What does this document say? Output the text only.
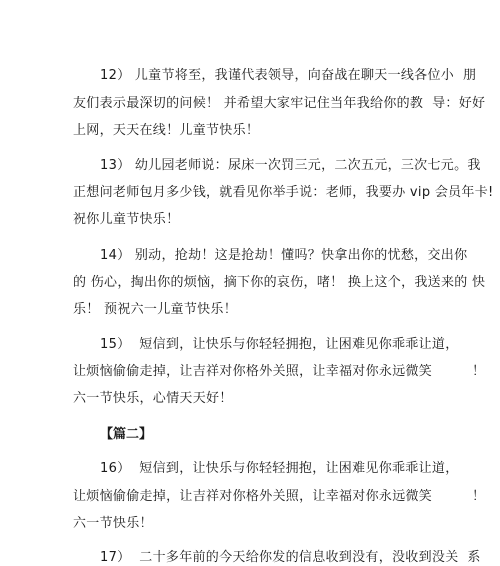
12） 儿童节将至，我谨代表领导，向奋战在聊天一线各位小  朋
友们表示最深切的问候！ 并希望大家牢记住当年我给你的教  导：好好
上网，天天在线！儿童节快乐！
13） 幼儿园老师说：尿床一次罚三元，二次五元，三次七元。我
正想问老师包月多少钱，就看见你举手说：老师，我要办 vip 会员年卡!
祝你儿童节快乐！
14） 别动，抢劫！这是抢劫！懂吗？快拿出你的忧愁，交出你
的 伤心，掏出你的烦恼，摘下你的哀伤，啫！ 换上这个，我送来的 快
乐！ 预祝六一儿童节快乐！
15）  短信到，让快乐与你轻轻拥抱，让困难见你乖乖让道，
让烦恼偷偷走掉，让吉祥对你格外关照，让幸福对你永远微笑         ！
六一节快乐，心情天天好！
【篇二】
16）  短信到，让快乐与你轻轻拥抱，让困难见你乖乖让道，
让烦恼偷偷走掉，让吉祥对你格外关照，让幸福对你永远微笑         ！
六一节快乐！
17）  二十多年前的今天给你发的信息收到没有，没收到没关  系
